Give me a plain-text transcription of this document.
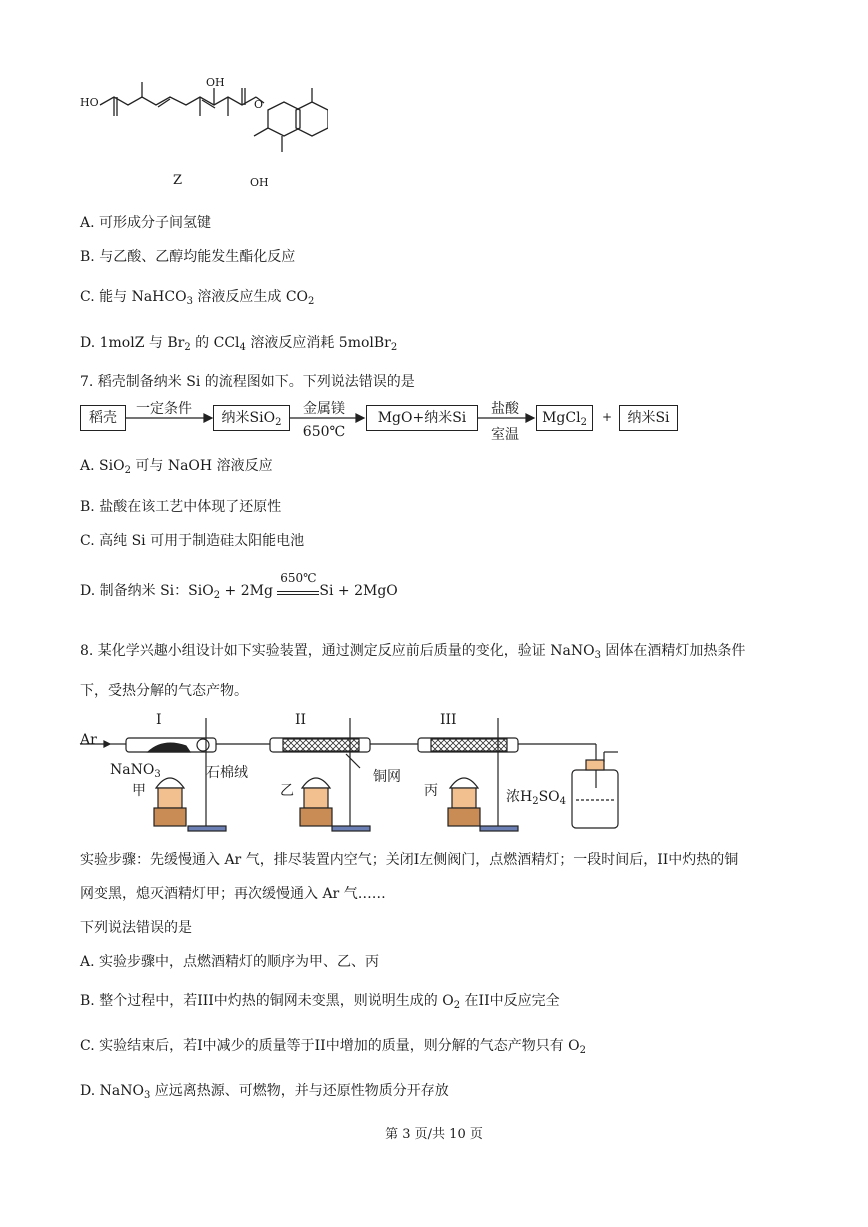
HO
OH
O
OH
Z
A. 可形成分子间氢键
B. 与乙酸、乙醇均能发生酯化反应
C. 能与 NaHCO$_3$ 溶液反应生成 $CO_2$
D. 1molZ 与 $Br_2$ 的 CCl$_4$ 溶液反应消耗 5molBr$_2$
7. 稻壳制备纳米 Si 的流程图如下。下列说法错误的是
稻壳
一定条件
纳米SiO$_2$
金属镁
650℃
MgO+纳米Si
盐酸
室温
MgCl$_2$	+	纳米Si
A. SiO$_2$ 可与 NaOH 溶液反应
B. 盐酸在该工艺中体现了还原性
C. 高纯 Si 可用于制造硅太阳能电池
D. 制备纳米 Si：SiO$_2$ + 2Mg
650℃
Si + 2MgO
8. 某化学兴趣小组设计如下实验装置，通过测定反应前后质量的变化，验证 NaNO$_3$ 固体在酒精灯加热条件
下，受热分解的气态产物。
Ar
I	II	III
NaNO$_3$	石棉绒
甲	乙
铜网
丙	浓$H_2SO_4$
实验步骤：先缓慢通入 Ar 气，排尽装置内空气；关闭I左侧阀门，点燃酒精灯；一段时间后，II中灼热的铜
网变黑，熄灭酒精灯甲；再次缓慢通入 Ar 气……
下列说法错误的是
A. 实验步骤中，点燃酒精灯的顺序为甲、乙、丙
B. 整个过程中，若III中灼热的铜网未变黑，则说明生成的 $O_2$ 在II中反应完全
C. 实验结束后，若I中减少的质量等于II中增加的质量，则分解的气态产物只有 $O_2$
D. NaNO$_3$ 应远离热源、可燃物，并与还原性物质分开存放
第 3 页/共 10 页
